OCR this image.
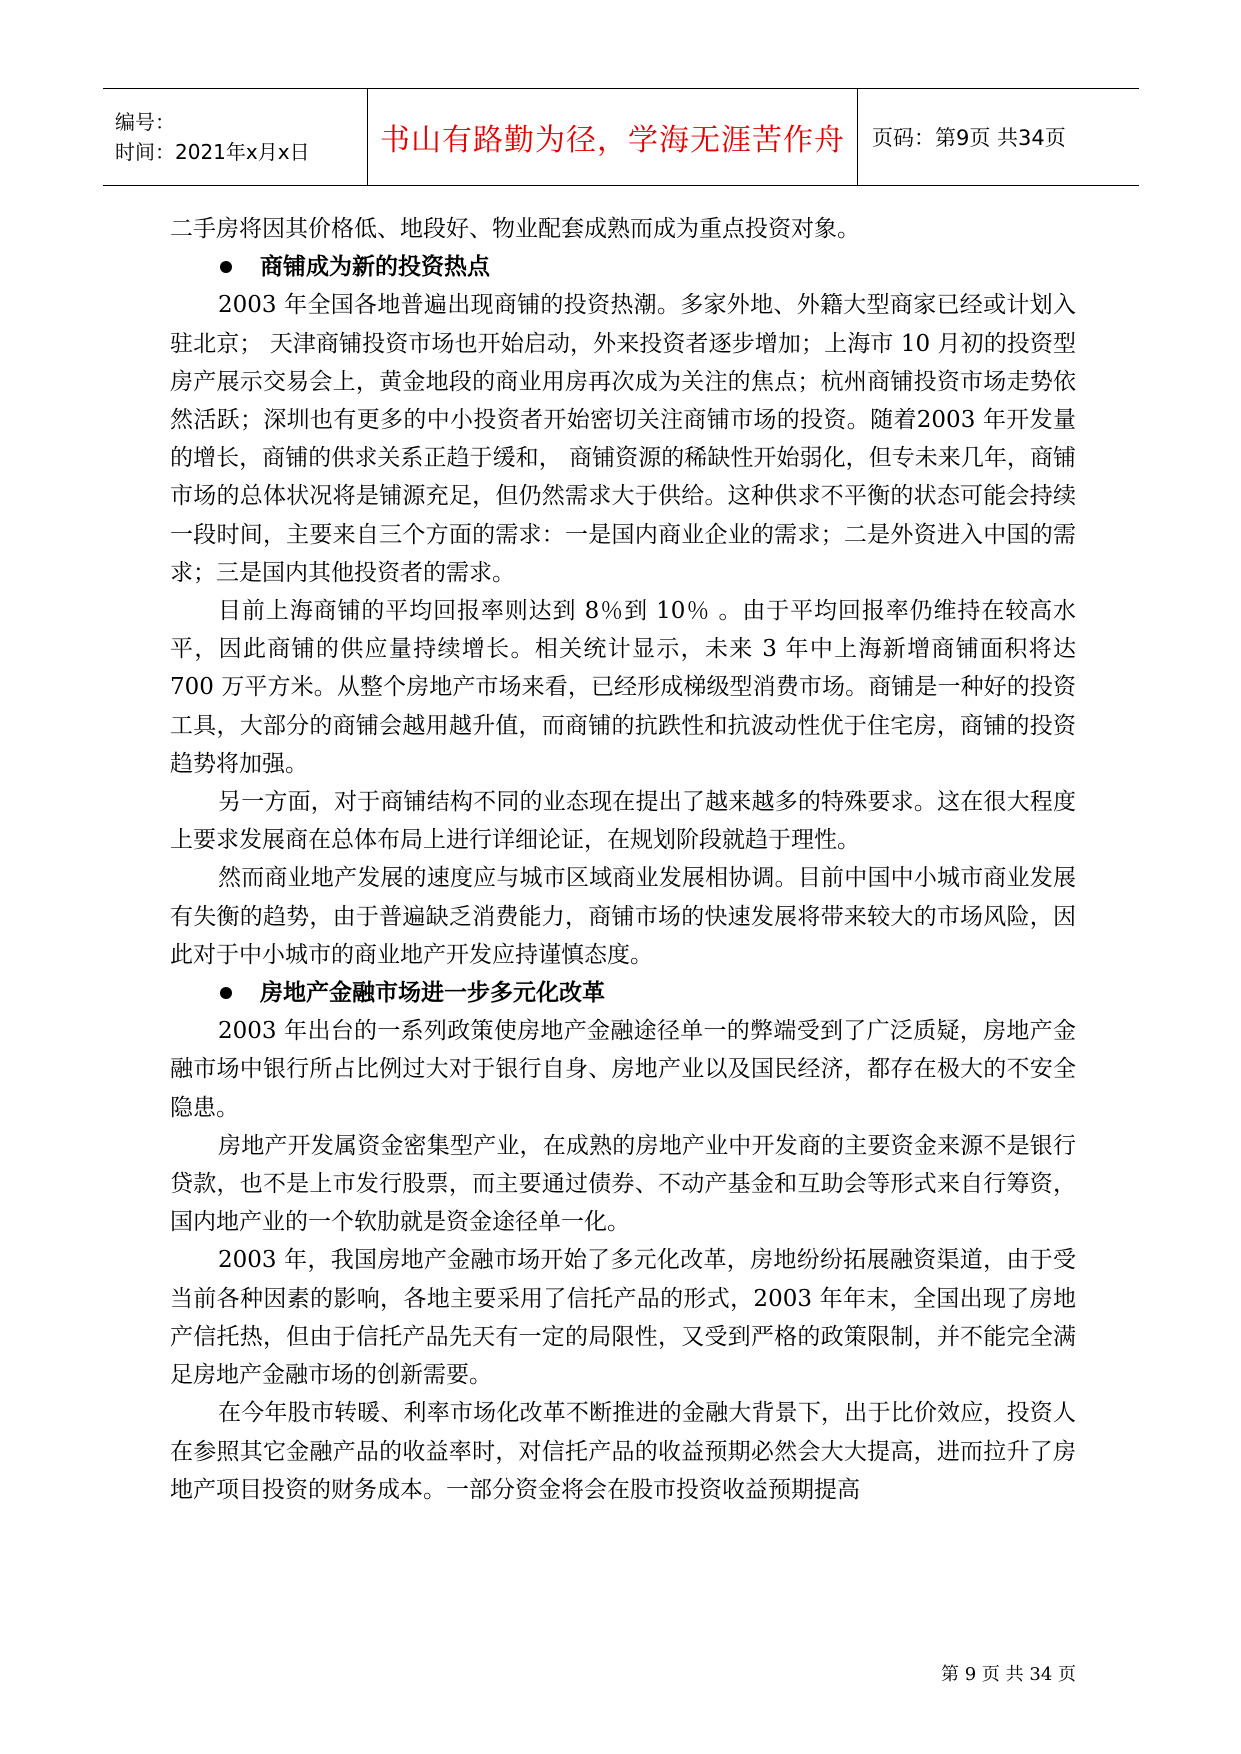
编号：
时间：2021年x月x日	书山有路勤为径，学海无涯苦作舟 页码：第9页 共34页

二手房将因其价格低、地段好、物业配套成熟而成为重点投资对象。

商铺成为新的投资热点

2003 年全国各地普遍出现商铺的投资热潮。多家外地、外籍大型商家已经或计划入驻北京； 天津商铺投资市场也开始启动，外来投资者逐步增加；上海市 10 月初的投资型房产展示交易会上，黄金地段的商业用房再次成为关注的焦点；杭州商铺投资市场走势依然活跃；深圳也有更多的中小投资者开始密切关注商铺市场的投资。随着2003 年开发量的增长，商铺的供求关系正趋于缓和， 商铺资源的稀缺性开始弱化，但专未来几年，商铺市场的总体状况将是铺源充足，但仍然需求大于供给。这种供求不平衡的状态可能会持续一段时间，主要来自三个方面的需求：一是国内商业企业的需求；二是外资进入中国的需求；三是国内其他投资者的需求。

目前上海商铺的平均回报率则达到 8％到 10％ 。由于平均回报率仍维持在较高水平，因此商铺的供应量持续增长。相关统计显示，未来 3 年中上海新增商铺面积将达 700 万平方米。从整个房地产市场来看，已经形成梯级型消费市场。商铺是一种好的投资工具，大部分的商铺会越用越升值，而商铺的抗跌性和抗波动性优于住宅房，商铺的投资趋势将加强。

另一方面，对于商铺结构不同的业态现在提出了越来越多的特殊要求。这在很大程度上要求发展商在总体布局上进行详细论证，在规划阶段就趋于理性。

然而商业地产发展的速度应与城市区域商业发展相协调。目前中国中小城市商业发展有失衡的趋势，由于普遍缺乏消费能力，商铺市场的快速发展将带来较大的市场风险，因此对于中小城市的商业地产开发应持谨慎态度。

房地产金融市场进一步多元化改革

2003 年出台的一系列政策使房地产金融途径单一的弊端受到了广泛质疑，房地产金融市场中银行所占比例过大对于银行自身、房地产业以及国民经济，都存在极大的不安全隐患。

房地产开发属资金密集型产业，在成熟的房地产业中开发商的主要资金来源不是银行贷款，也不是上市发行股票，而主要通过债券、不动产基金和互助会等形式来自行筹资， 国内地产业的一个软肋就是资金途径单一化。

2003 年，我国房地产金融市场开始了多元化改革，房地纷纷拓展融资渠道，由于受当前各种因素的影响，各地主要采用了信托产品的形式，2003 年年末，全国出现了房地产信托热，但由于信托产品先天有一定的局限性，又受到严格的政策限制，并不能完全满足房地产金融市场的创新需要。

在今年股市转暖、利率市场化改革不断推进的金融大背景下，出于比价效应，投资人在参照其它金融产品的收益率时，对信托产品的收益预期必然会大大提高，进而拉升了房地产项目投资的财务成本。一部分资金将会在股市投资收益预期提高

第 9 页 共 34 页
